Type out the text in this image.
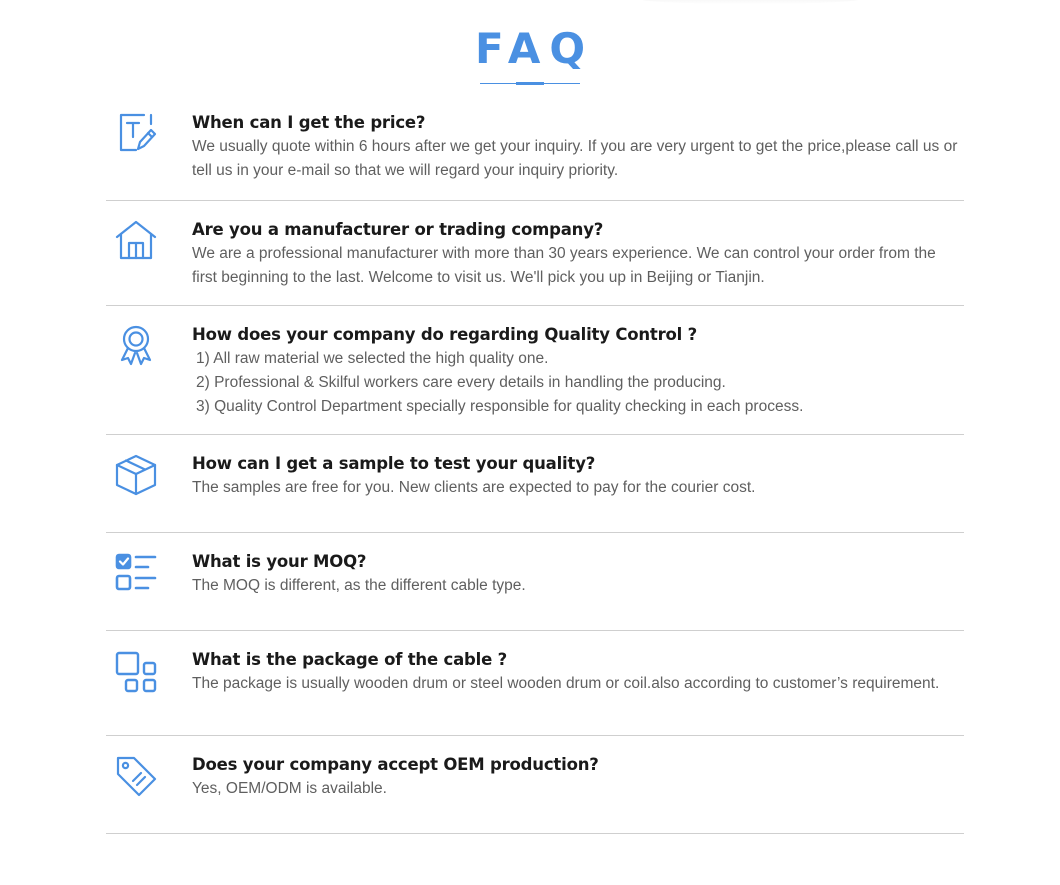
FAQ
When can I get the price?
We usually quote within 6 hours after we get your inquiry. If you are very urgent to get the price,please call us or tell us in your e-mail so that we will regard your inquiry priority.
Are you a manufacturer or trading company?
We are a professional manufacturer with more than 30 years experience. We can control your order from the first beginning to the last. Welcome to visit us. We'll pick you up in Beijing or Tianjin.
How does your company do regarding Quality Control ?
1) All raw material we selected the high quality one.
2) Professional & Skilful workers care every details in handling the producing.
3) Quality Control Department specially responsible for quality checking in each process.
How can I get a sample to test your quality?
The samples are free for you. New clients are expected to pay for the courier cost.
What is your MOQ?
The MOQ is different, as the different cable type.
What is the package of the cable ?
The package is usually wooden drum or steel wooden drum or coil.also according to customer’s requirement.
Does your company accept OEM production?
Yes, OEM/ODM is available.
